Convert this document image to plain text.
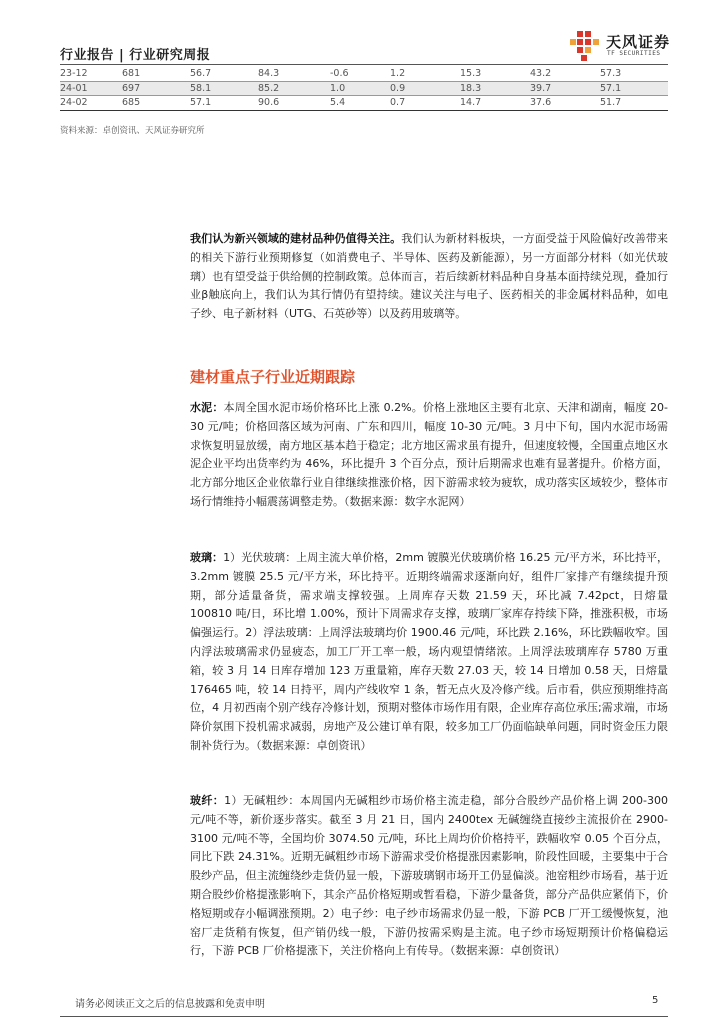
行业报告 | 行业研究周报
天风证券
TF SECURITIES
23-12	681	56.7	84.3	-0.6	1.2	15.3	43.2	57.3
24-01	697	58.1	85.2	1.0	0.9	18.3	39.7	57.1
24-02	685	57.1	90.6	5.4	0.7	14.7	37.6	51.7
资料来源：卓创资讯、天风证券研究所

我们认为新兴领域的建材品种仍值得关注。我们认为新材料板块，一方面受益于风险偏好改善带来的相关下游行业预期修复（如消费电子、半导体、医药及新能源），另一方面部分材料（如光伏玻璃）也有望受益于供给侧的控制政策。总体而言，若后续新材料品种自身基本面持续兑现，叠加行业β触底向上，我们认为其行情仍有望持续。建议关注与电子、医药相关的非金属材料品种，如电子纱、电子新材料（UTG、石英砂等）以及药用玻璃等。

建材重点子行业近期跟踪

水泥：本周全国水泥市场价格环比上涨 0.2%。价格上涨地区主要有北京、天津和湖南，幅度 20-30 元/吨；价格回落区域为河南、广东和四川，幅度 10-30 元/吨。3 月中下旬，国内水泥市场需求恢复明显放缓，南方地区基本趋于稳定；北方地区需求虽有提升，但速度较慢，全国重点地区水泥企业平均出货率约为 46%，环比提升 3 个百分点，预计后期需求也难有显著提升。价格方面，北方部分地区企业依靠行业自律继续推涨价格，因下游需求较为疲软，成功落实区域较少，整体市场行情维持小幅震荡调整走势。（数据来源：数字水泥网）

玻璃：1）光伏玻璃：上周主流大单价格，2mm 镀膜光伏玻璃价格 16.25 元/平方米，环比持平，3.2mm 镀膜 25.5 元/平方米，环比持平。近期终端需求逐渐向好，组件厂家排产有继续提升预期，部分适量备货，需求端支撑较强。上周库存天数 21.59 天，环比减 7.42pct，日熔量 100810 吨/日，环比增 1.00%，预计下周需求存支撑，玻璃厂家库存持续下降，推涨积极，市场偏强运行。2）浮法玻璃：上周浮法玻璃均价 1900.46 元/吨，环比跌 2.16%，环比跌幅收窄。国内浮法玻璃需求仍显疲态，加工厂开工率一般，场内观望情绪浓。上周浮法玻璃库存 5780 万重箱，较 3 月 14 日库存增加 123 万重量箱，库存天数 27.03 天，较 14 日增加 0.58 天，日熔量 176465 吨，较 14 日持平，周内产线收窄 1 条，暂无点火及冷修产线。后市看，供应预期维持高位，4 月初西南个别产线存冷修计划，预期对整体市场作用有限，企业库存高位承压;需求端，市场降价氛围下投机需求减弱，房地产及公建订单有限，较多加工厂仍面临缺单问题，同时资金压力限制补货行为。（数据来源：卓创资讯）

玻纤：1）无碱粗纱：本周国内无碱粗纱市场价格主流走稳，部分合股纱产品价格上调 200-300 元/吨不等，新价逐步落实。截至 3 月 21 日，国内 2400tex 无碱缠绕直接纱主流报价在 2900-3100 元/吨不等，全国均价 3074.50 元/吨，环比上周均价价格持平，跌幅收窄 0.05 个百分点，同比下跌 24.31%。近期无碱粗纱市场下游需求受价格提涨因素影响，阶段性回暖，主要集中于合股纱产品，但主流缠绕纱走货仍显一般，下游玻璃钢市场开工仍显偏淡。池窑粗纱市场看，基于近期合股纱价格提涨影响下，其余产品价格短期或暂看稳，下游少量备货，部分产品供应紧俏下，价格短期或存小幅调涨预期。2）电子纱：电子纱市场需求仍显一般，下游 PCB 厂开工缓慢恢复，池窑厂走货稍有恢复，但产销仍线一般，下游仍按需采购是主流。电子纱市场短期预计价格偏稳运行，下游 PCB 厂价格提涨下，关注价格向上有传导。（数据来源：卓创资讯）

请务必阅读正文之后的信息披露和免责申明	5
